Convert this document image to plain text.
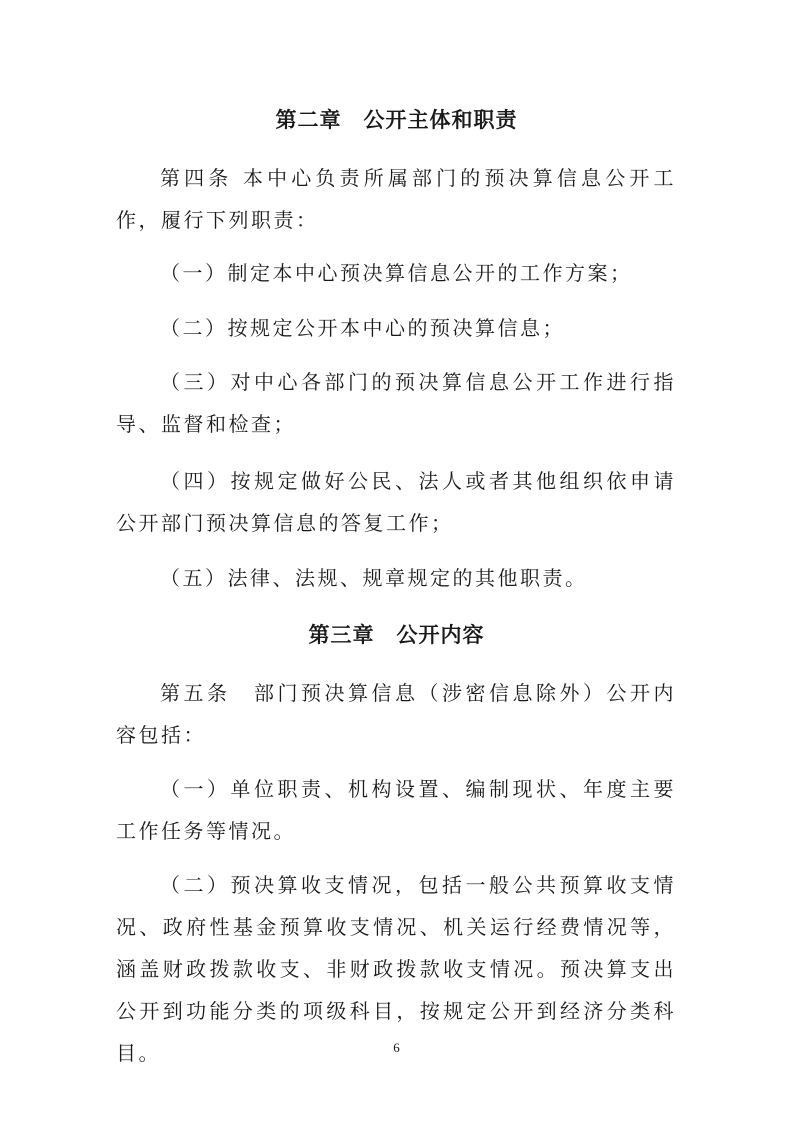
第二章　公开主体和职责

第四条 本中心负责所属部门的预决算信息公开工作，履行下列职责：

（一）制定本中心预决算信息公开的工作方案；

（二）按规定公开本中心的预决算信息；

（三）对中心各部门的预决算信息公开工作进行指导、监督和检查；

（四）按规定做好公民、法人或者其他组织依申请公开部门预决算信息的答复工作；

（五）法律、法规、规章规定的其他职责。

第三章　公开内容

第五条　部门预决算信息（涉密信息除外）公开内容包括：

（一）单位职责、机构设置、编制现状、年度主要工作任务等情况。

（二）预决算收支情况，包括一般公共预算收支情况、政府性基金预算收支情况、机关运行经费情况等，涵盖财政拨款收支、非财政拨款收支情况。预决算支出公开到功能分类的项级科目，按规定公开到经济分类科目。	6
